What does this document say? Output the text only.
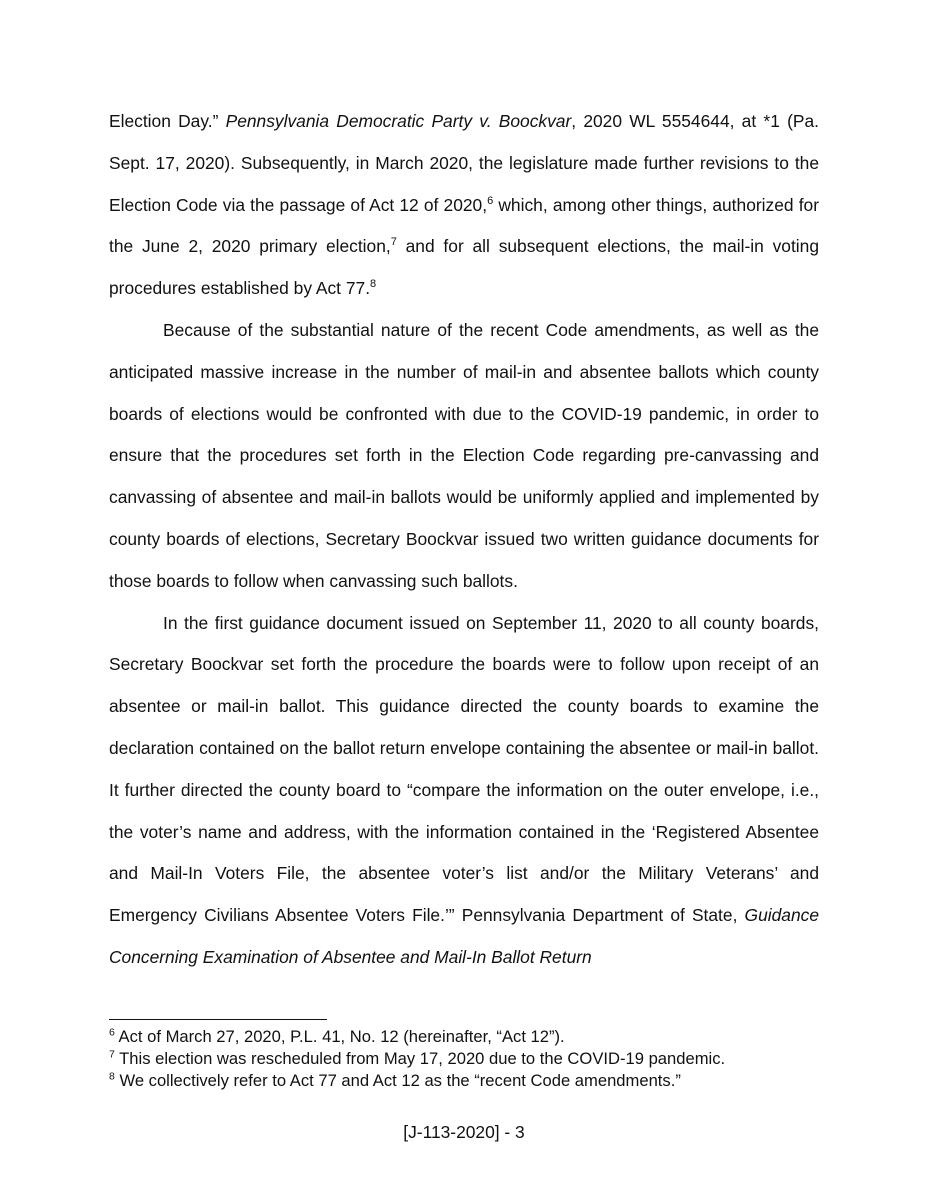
Election Day.” Pennsylvania Democratic Party v. Boockvar, 2020 WL 5554644, at *1 (Pa. Sept. 17, 2020). Subsequently, in March 2020, the legislature made further revisions to the Election Code via the passage of Act 12 of 2020,$^6$ which, among other things, authorized for the June 2, 2020 primary election,$^7$ and for all subsequent elections, the mail-in voting procedures established by Act 77.$^8$

Because of the substantial nature of the recent Code amendments, as well as the anticipated massive increase in the number of mail-in and absentee ballots which county boards of elections would be confronted with due to the COVID-19 pandemic, in order to ensure that the procedures set forth in the Election Code regarding pre-canvassing and canvassing of absentee and mail-in ballots would be uniformly applied and implemented by county boards of elections, Secretary Boockvar issued two written guidance documents for those boards to follow when canvassing such ballots.

In the first guidance document issued on September 11, 2020 to all county boards, Secretary Boockvar set forth the procedure the boards were to follow upon receipt of an absentee or mail-in ballot. This guidance directed the county boards to examine the declaration contained on the ballot return envelope containing the absentee or mail-in ballot. It further directed the county board to “compare the information on the outer envelope, i.e., the voter’s name and address, with the information contained in the ‘Registered Absentee and Mail-In Voters File, the absentee voter’s list and/or the Military Veterans’ and Emergency Civilians Absentee Voters File.’” Pennsylvania Department of State, Guidance Concerning Examination of Absentee and Mail-In Ballot Return

$^6$ Act of March 27, 2020, P.L. 41, No. 12 (hereinafter, “Act 12”).

$^7$ This election was rescheduled from May 17, 2020 due to the COVID-19 pandemic.

$^8$ We collectively refer to Act 77 and Act 12 as the “recent Code amendments.”

[J-113-2020] - 3
